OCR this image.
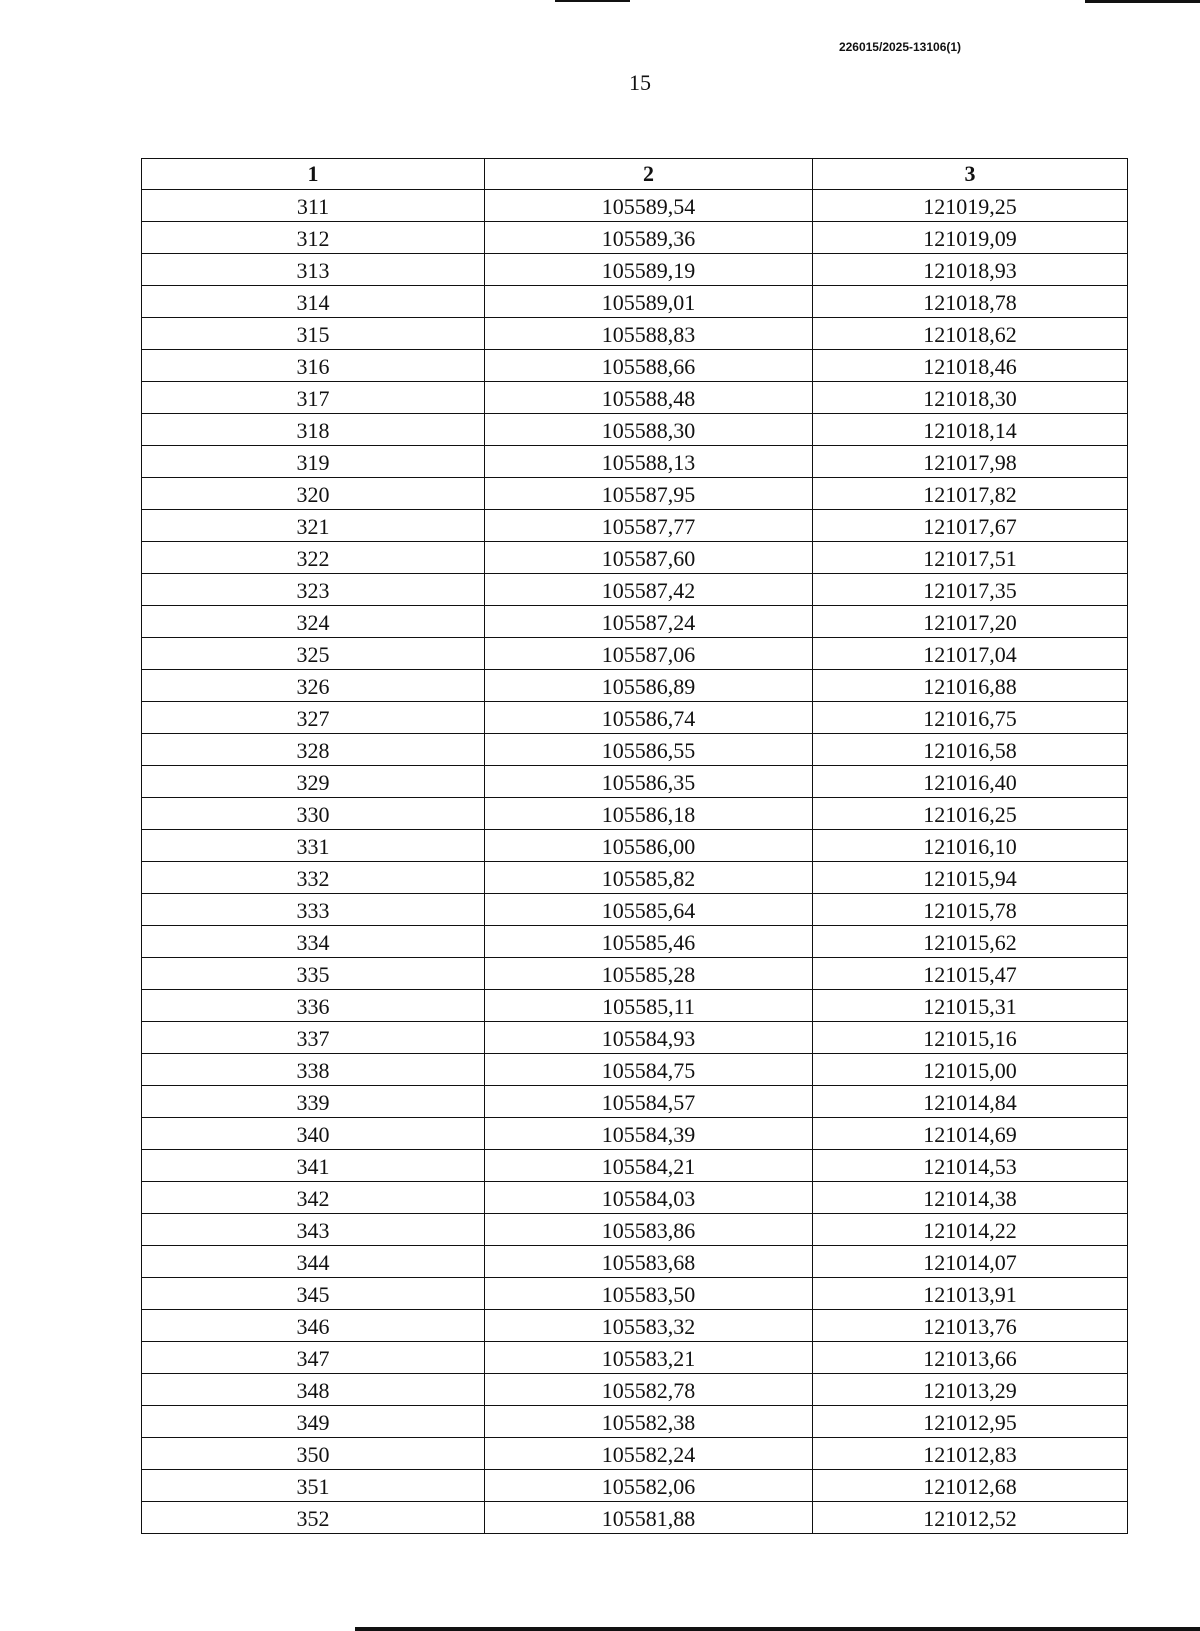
226015/2025-13106(1)
15
1	2	3
311	105589,54	121019,25
312	105589,36	121019,09
313	105589,19	121018,93
314	105589,01	121018,78
315	105588,83	121018,62
316	105588,66	121018,46
317	105588,48	121018,30
318	105588,30	121018,14
319	105588,13	121017,98
320	105587,95	121017,82
321	105587,77	121017,67
322	105587,60	121017,51
323	105587,42	121017,35
324	105587,24	121017,20
325	105587,06	121017,04
326	105586,89	121016,88
327	105586,74	121016,75
328	105586,55	121016,58
329	105586,35	121016,40
330	105586,18	121016,25
331	105586,00	121016,10
332	105585,82	121015,94
333	105585,64	121015,78
334	105585,46	121015,62
335	105585,28	121015,47
336	105585,11	121015,31
337	105584,93	121015,16
338	105584,75	121015,00
339	105584,57	121014,84
340	105584,39	121014,69
341	105584,21	121014,53
342	105584,03	121014,38
343	105583,86	121014,22
344	105583,68	121014,07
345	105583,50	121013,91
346	105583,32	121013,76
347	105583,21	121013,66
348	105582,78	121013,29
349	105582,38	121012,95
350	105582,24	121012,83
351	105582,06	121012,68
352	105581,88	121012,52
